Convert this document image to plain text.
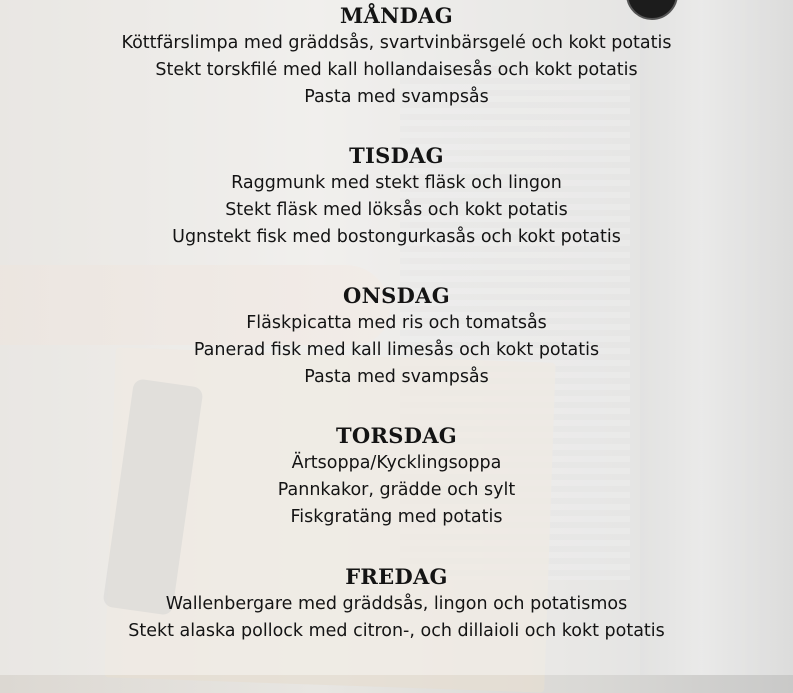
MÅNDAG

Köttfärslimpa med gräddsås, svartvinbärsgelé och kokt potatis

Stekt torskfilé med kall hollandaisesås och kokt potatis

Pasta med svampsås

TISDAG

Raggmunk med stekt fläsk och lingon

Stekt fläsk med löksås och kokt potatis

Ugnstekt fisk med bostongurkasås och kokt potatis

ONSDAG

Fläskpicatta med ris och tomatsås

Panerad fisk med kall limesås och kokt potatis

Pasta med svampsås

TORSDAG

Ärtsoppa/Kycklingsoppa

Pannkakor, grädde och sylt

Fiskgratäng med potatis

FREDAG

Wallenbergare med gräddsås, lingon och potatismos

Stekt alaska pollock med citron-, och dillaioli och kokt potatis
